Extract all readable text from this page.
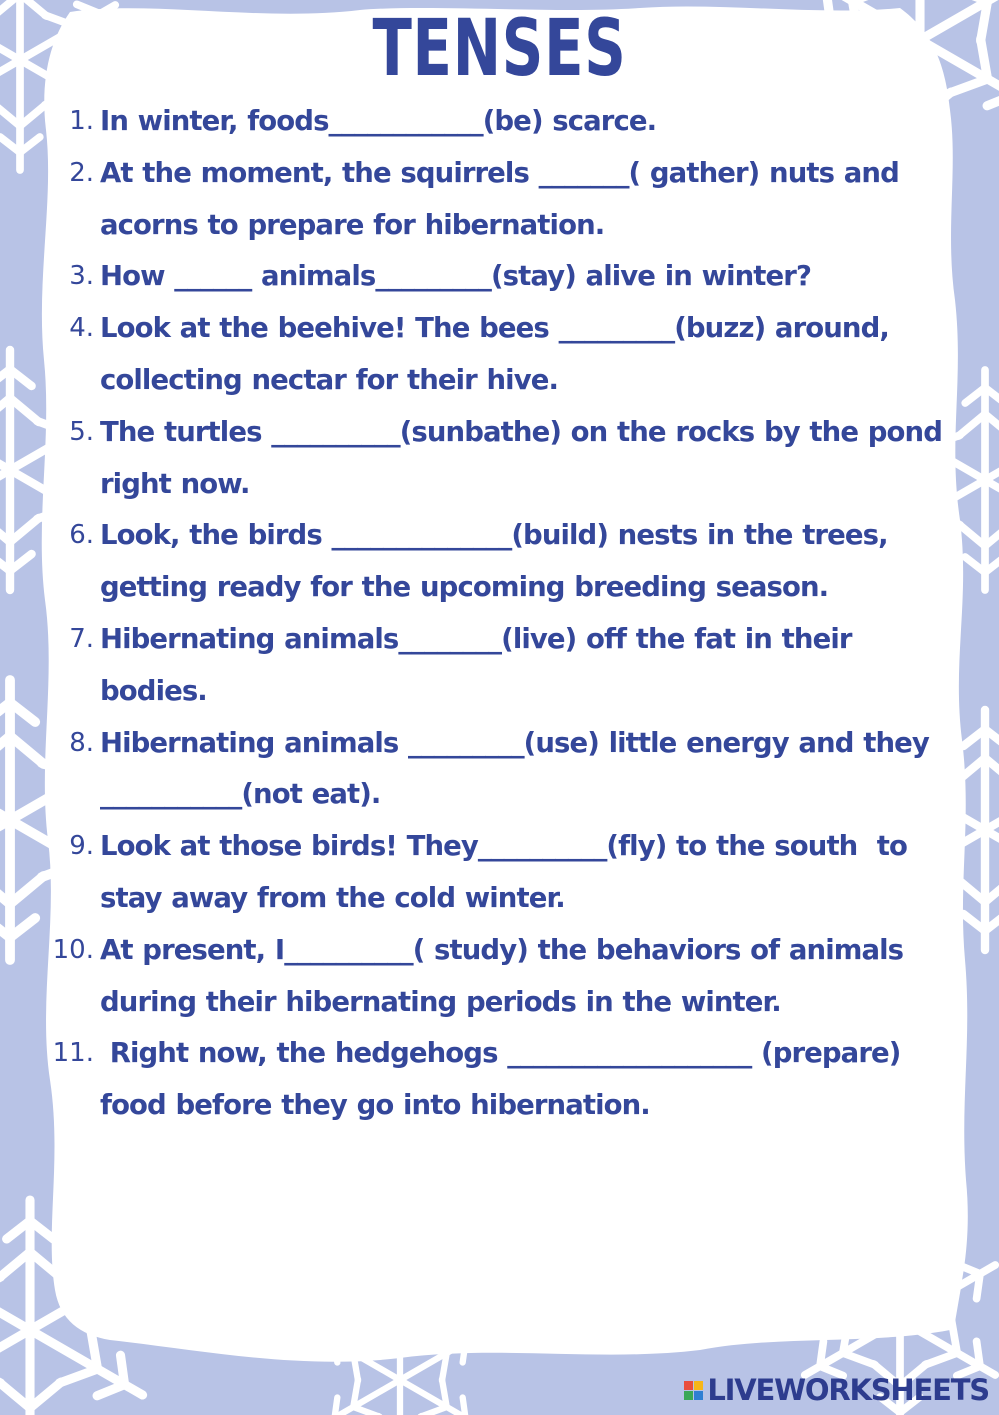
TENSES
1. In winter, foods____________(be) scarce.
2. At the moment, the squirrels _______( gather) nuts and acorns to prepare for hibernation.
3. How ______ animals_________(stay) alive in winter?
4. Look at the beehive! The bees _________(buzz) around, collecting nectar for their hive.
5. The turtles __________(sunbathe) on the rocks by the pond right now.
6. Look, the birds ______________(build) nests in the trees, getting ready for the upcoming breeding season.
7. Hibernating animals________(live) off the fat in their bodies.
8. Hibernating animals _________(use) little energy and they ___________(not eat).
9. Look at those birds! They__________(fly) to the south  to stay away from the cold winter.
10. At present, I__________( study) the behaviors of animals during their hibernating periods in the winter.
11. Right now, the hedgehogs ___________________ (prepare) food before they go into hibernation.
LIVEWORKSHEETS
